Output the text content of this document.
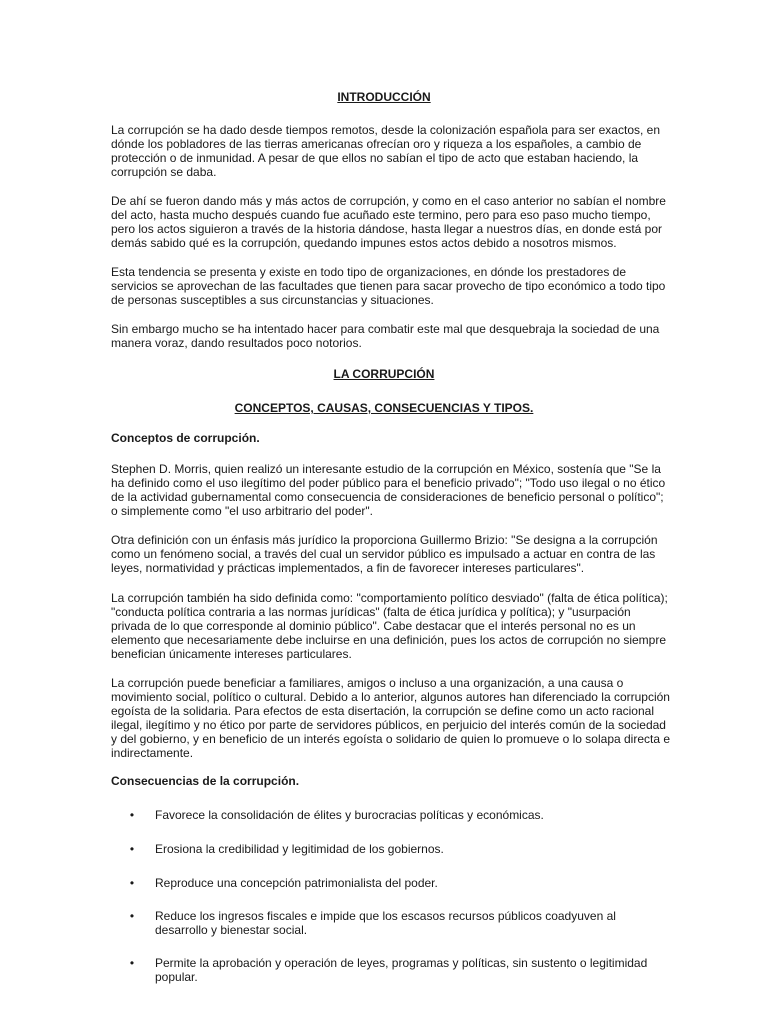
INTRODUCCIÓN

La corrupción se ha dado desde tiempos remotos, desde la colonización española para ser exactos, en dónde los pobladores de las tierras americanas ofrecían oro y riqueza a los españoles, a cambio de protección o de inmunidad. A pesar de que ellos no sabían el tipo de acto que estaban haciendo, la corrupción se daba.

De ahí se fueron dando más y más actos de corrupción, y como en el caso anterior no sabían el nombre del acto, hasta mucho después cuando fue acuñado este termino, pero para eso paso mucho tiempo, pero los actos siguieron a través de la historia dándose, hasta llegar a nuestros días, en donde está por demás sabido qué es la corrupción, quedando impunes estos actos debido a nosotros mismos.

Esta tendencia se presenta y existe en todo tipo de organizaciones, en dónde los prestadores de servicios se aprovechan de las facultades que tienen para sacar provecho de tipo económico a todo tipo de personas susceptibles a sus circunstancias y situaciones.

Sin embargo mucho se ha intentado hacer para combatir este mal que desquebraja la sociedad de una manera voraz, dando resultados poco notorios.

LA CORRUPCIÓN
CONCEPTOS, CAUSAS, CONSECUENCIAS Y TIPOS.
Conceptos de corrupción.

Stephen D. Morris, quien realizó un interesante estudio de la corrupción en México, sostenía que "Se la ha definido como el uso ilegítimo del poder público para el beneficio privado"; "Todo uso ilegal o no ético de la actividad gubernamental como consecuencia de consideraciones de beneficio personal o político"; o simplemente como "el uso arbitrario del poder".

Otra definición con un énfasis más jurídico la proporciona Guillermo Brizio: "Se designa a la corrupción como un fenómeno social, a través del cual un servidor público es impulsado a actuar en contra de las leyes, normatividad y prácticas implementados, a fin de favorecer intereses particulares".

La corrupción también ha sido definida como: "comportamiento político desviado" (falta de ética política); "conducta política contraria a las normas jurídicas" (falta de ética jurídica y política); y "usurpación privada de lo que corresponde al dominio público". Cabe destacar que el interés personal no es un elemento que necesariamente debe incluirse en una definición, pues los actos de corrupción no siempre benefician únicamente intereses particulares.

La corrupción puede beneficiar a familiares, amigos o incluso a una organización, a una causa o movimiento social, político o cultural. Debido a lo anterior, algunos autores han diferenciado la corrupción egoísta de la solidaria. Para efectos de esta disertación, la corrupción se define como un acto racional ilegal, ilegítimo y no ético por parte de servidores públicos, en perjuicio del interés común de la sociedad y del gobierno, y en beneficio de un interés egoísta o solidario de quien lo promueve o lo solapa directa e indirectamente.

Consecuencias de la corrupción.
• Favorece la consolidación de élites y burocracias políticas y económicas.
• Erosiona la credibilidad y legitimidad de los gobiernos.
• Reproduce una concepción patrimonialista del poder.
• Reduce los ingresos fiscales e impide que los escasos recursos públicos coadyuven al desarrollo y bienestar social.
• Permite la aprobación y operación de leyes, programas y políticas, sin sustento o legitimidad popular.
